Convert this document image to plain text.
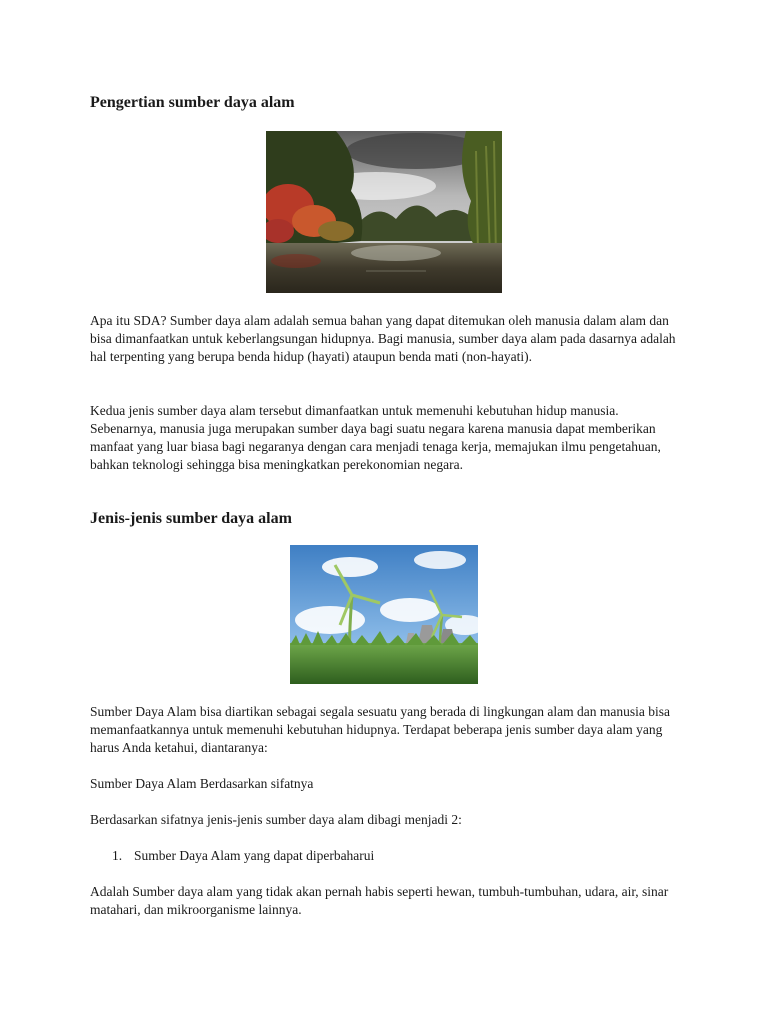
Pengertian sumber daya alam

Apa itu SDA? Sumber daya alam adalah semua bahan yang dapat ditemukan oleh manusia dalam alam dan bisa dimanfaatkan untuk keberlangsungan hidupnya. Bagi manusia, sumber daya alam pada dasarnya adalah hal terpenting yang berupa benda hidup (hayati) ataupun benda mati (non-hayati).

Kedua jenis sumber daya alam tersebut dimanfaatkan untuk memenuhi kebutuhan hidup manusia. Sebenarnya, manusia juga merupakan sumber daya bagi suatu negara karena manusia dapat memberikan manfaat yang luar biasa bagi negaranya dengan cara menjadi tenaga kerja, memajukan ilmu pengetahuan, bahkan teknologi sehingga bisa meningkatkan perekonomian negara.

Jenis-jenis sumber daya alam

Sumber Daya Alam bisa diartikan sebagai segala sesuatu yang berada di lingkungan alam dan manusia bisa memanfaatkannya untuk memenuhi kebutuhan hidupnya. Terdapat beberapa jenis sumber daya alam yang harus Anda ketahui, diantaranya:

Sumber Daya Alam Berdasarkan sifatnya

Berdasarkan sifatnya jenis-jenis sumber daya alam dibagi menjadi 2:

1. Sumber Daya Alam yang dapat diperbaharui

Adalah Sumber daya alam yang tidak akan pernah habis seperti hewan, tumbuh-tumbuhan, udara, air, sinar matahari, dan mikroorganisme lainnya.
